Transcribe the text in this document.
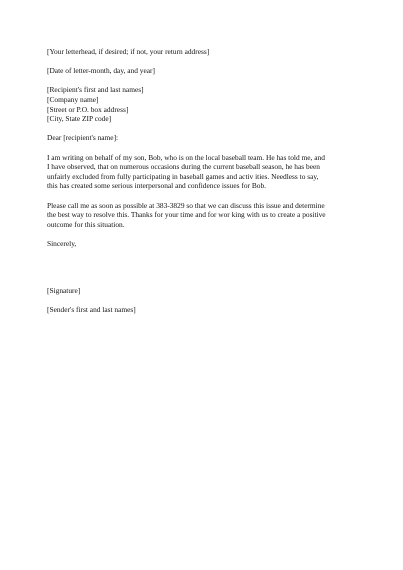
[Your letterhead, if desired; if not, your return address]
[Date of letter-month, day, and year]
[Recipient's first and last names]
[Company name]
[Street or P.O. box address]
[City, State ZIP code]
Dear [recipient's name]:
I am writing on behalf of my son, Bob, who is on the local baseball team. He has told me, and
I have observed, that on numerous occasions during the current baseball season, he has been
unfairly excluded from fully participating in baseball games and activ ities. Needless to say,
this has created some serious interpersonal and confidence issues for Bob.
Please call me as soon as possible at 383-3829 so that we can discuss this issue and determine
the best way to resolve this. Thanks for your time and for wor king with us to create a positive
outcome for this situation.
Sincerely,
[Signature]
[Sender's first and last names]
